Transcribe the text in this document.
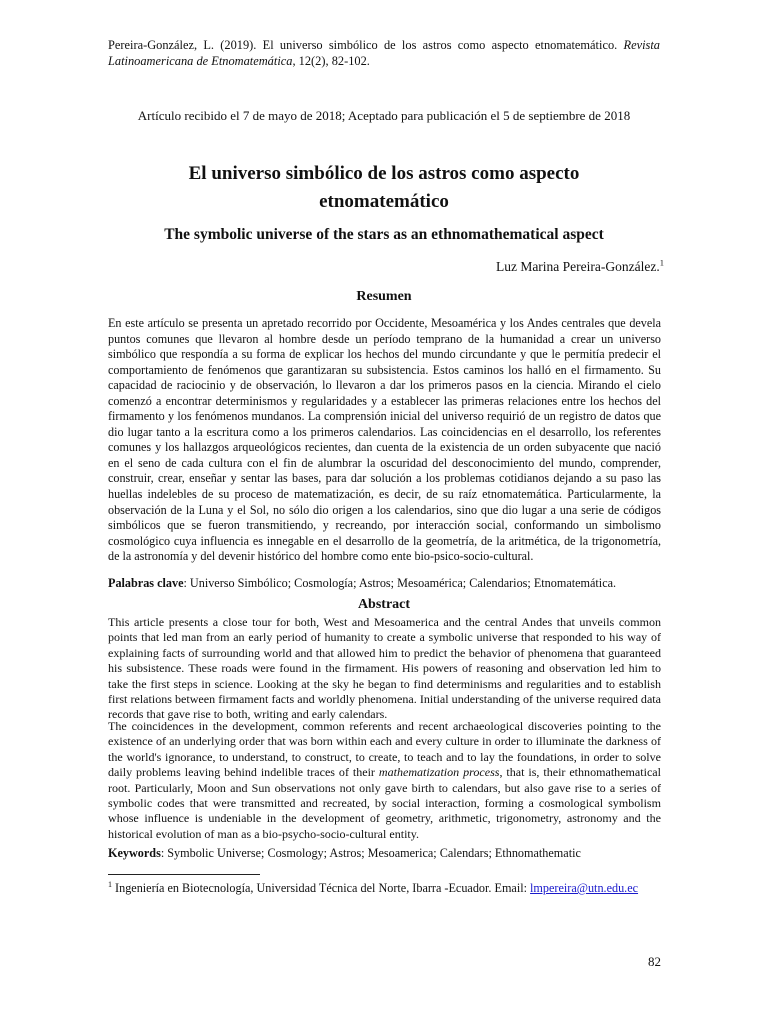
Pereira-González, L. (2019). El universo simbólico de los astros como aspecto etnomatemático. Revista Latinoamericana de Etnomatemática, 12(2), 82-102.
Artículo recibido el 7 de mayo de 2018; Aceptado para publicación el 5 de septiembre de 2018
El universo simbólico de los astros como aspecto
etnomatemático
The symbolic universe of the stars as an ethnomathematical aspect
Luz Marina Pereira-González.$^1$
Resumen

En este artículo se presenta un apretado recorrido por Occidente, Mesoamérica y los Andes centrales que devela puntos comunes que llevaron al hombre desde un período temprano de la humanidad a crear un universo simbólico que respondía a su forma de explicar los hechos del mundo circundante y que le permitía predecir el comportamiento de fenómenos que garantizaran su subsistencia. Estos caminos los halló en el firmamento. Su capacidad de raciocinio y de observación, lo llevaron a dar los primeros pasos en la ciencia. Mirando el cielo comenzó a encontrar determinismos y regularidades y a establecer las primeras relaciones entre los hechos del firmamento y los fenómenos mundanos. La comprensión inicial del universo requirió de un registro de datos que dio lugar tanto a la escritura como a los primeros calendarios. Las coincidencias en el desarrollo, los referentes comunes y los hallazgos arqueológicos recientes, dan cuenta de la existencia de un orden subyacente que nació en el seno de cada cultura con el fin de alumbrar la oscuridad del desconocimiento del mundo, comprender, construir, crear, enseñar y sentar las bases, para dar solución a los problemas cotidianos dejando a su paso las huellas indelebles de su proceso de matematización, es decir, de su raíz etnomatemática. Particularmente, la observación de la Luna y el Sol, no sólo dio origen a los calendarios, sino que dio lugar a una serie de códigos simbólicos que se fueron transmitiendo, y recreando, por interacción social, conformando un simbolismo cosmológico cuya influencia es innegable en el desarrollo de la geometría, de la aritmética, de la trigonometría, de la astronomía y del devenir histórico del hombre como ente bio-psico-socio-cultural.

Palabras clave: Universo Simbólico; Cosmología; Astros; Mesoamérica; Calendarios; Etnomatemática.
Abstract

This article presents a close tour for both, West and Mesoamerica and the central Andes that unveils common points that led man from an early period of humanity to create a symbolic universe that responded to his way of explaining facts of surrounding world and that allowed him to predict the behavior of phenomena that guaranteed his subsistence. These roads were found in the firmament. His powers of reasoning and observation led him to take the first steps in science. Looking at the sky he began to find determinisms and regularities and to establish first relations between firmament facts and worldly phenomena. Initial understanding of the universe required data records that gave rise to both, writing and early calendars.

The coincidences in the development, common referents and recent archaeological discoveries pointing to the existence of an underlying order that was born within each and every culture in order to illuminate the darkness of the world's ignorance, to understand, to construct, to create, to teach and to lay the foundations, in order to solve daily problems leaving behind indelible traces of their mathematization process, that is, their ethnomathematical root. Particularly, Moon and Sun observations not only gave birth to calendars, but also gave rise to a series of symbolic codes that were transmitted and recreated, by social interaction, forming a cosmological symbolism whose influence is undeniable in the development of geometry, arithmetic, trigonometry, astronomy and the historical evolution of man as a bio-psycho-socio-cultural entity.

Keywords: Symbolic Universe; Cosmology; Astros; Mesoamerica; Calendars; Ethnomathematic
$^1$ Ingeniería en Biotecnología, Universidad Técnica del Norte, Ibarra -Ecuador. Email: lmpereira@utn.edu.ec
82
